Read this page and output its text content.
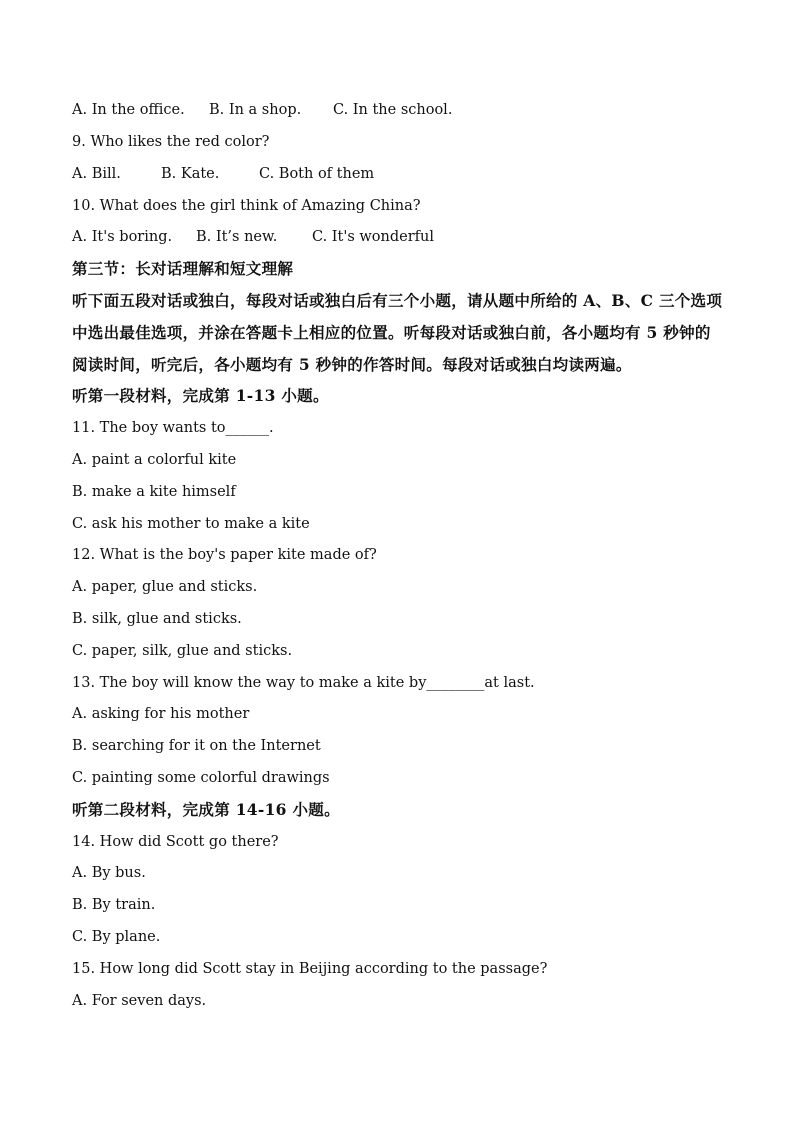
A. In the office. B. In a shop. C. In the school.
9. Who likes the red color?
A. Bill.	B. Kate.	C. Both of them
10. What does the girl think of Amazing China?
A. It's boring. B. It’s new. C. It's wonderful
第三节：长对话理解和短文理解
听下面五段对话或独白，每段对话或独白后有三个小题，请从题中所给的 A、B、C 三个选项
中选出最佳选项，并涂在答题卡上相应的位置。听每段对话或独白前，各小题均有 5 秒钟的
阅读时间，听完后，各小题均有 5 秒钟的作答时间。每段对话或独白均读两遍。
听第一段材料，完成第 1-13 小题。
11. The boy wants to______.
A. paint a colorful kite
B. make a kite himself
C. ask his mother to make a kite
12. What is the boy's paper kite made of?
A. paper, glue and sticks.
B. silk, glue and sticks.
C. paper, silk, glue and sticks.
13. The boy will know the way to make a kite by________at last.
A. asking for his mother
B. searching for it on the Internet
C. painting some colorful drawings
听第二段材料，完成第 14-16 小题。
14. How did Scott go there?
A. By bus.
B. By train.
C. By plane.
15. How long did Scott stay in Beijing according to the passage?
A. For seven days.
